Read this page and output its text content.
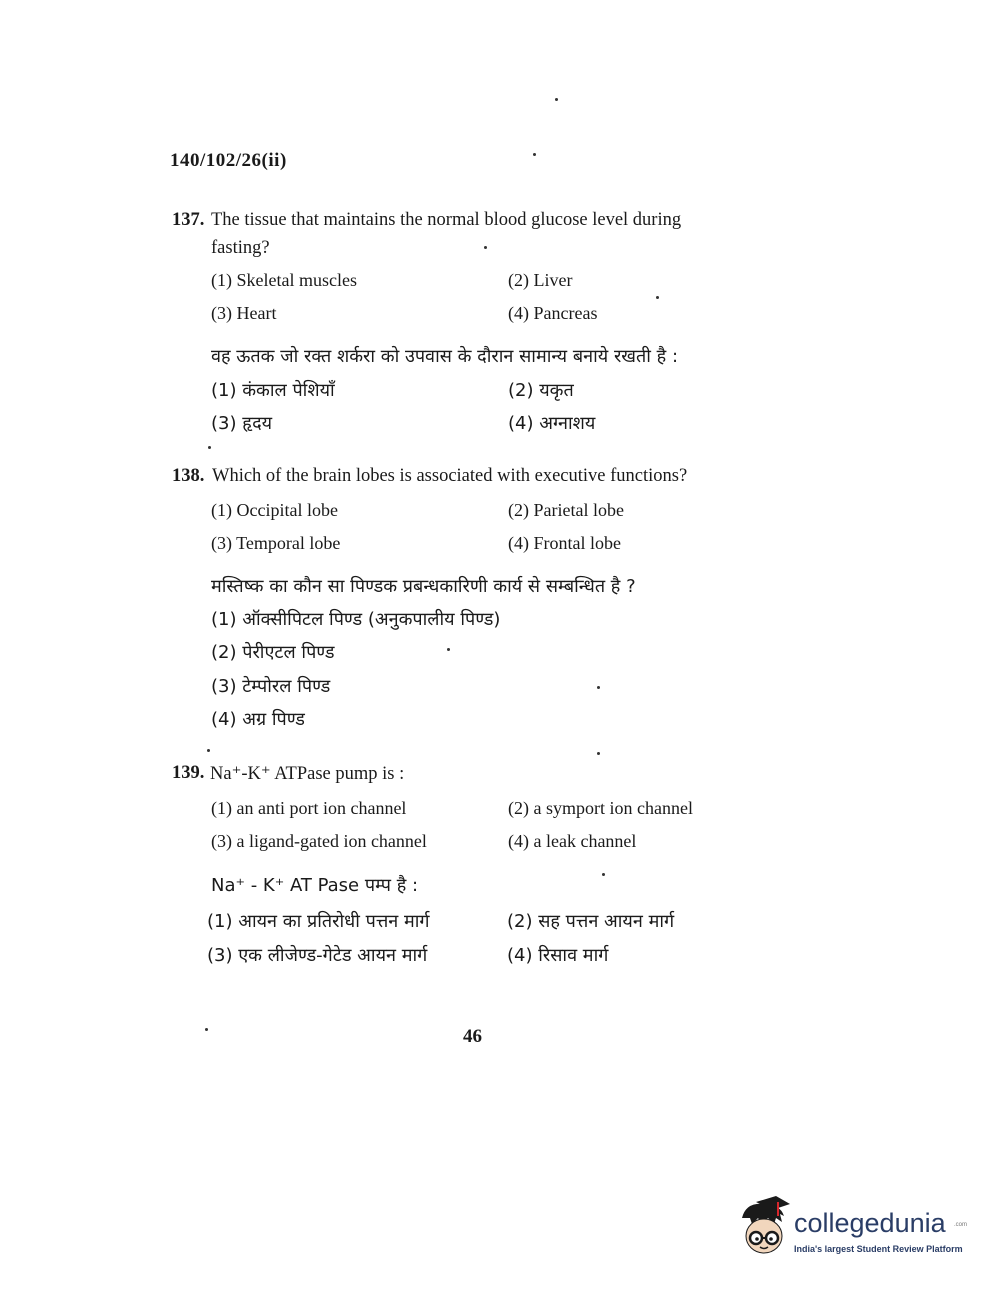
140/102/26(ii)
137. The tissue that maintains the normal blood glucose level during
fasting?
(1) Skeletal muscles	(2) Liver
(3) Heart	(4) Pancreas
वह ऊतक जो रक्त शर्करा को उपवास के दौरान सामान्य बनाये रखती है :
(1) कंकाल पेशियाँ	(2) यकृत
(3) हृदय	(4) अग्नाशय
138. Which of the brain lobes is associated with executive functions?
(1) Occipital lobe	(2) Parietal lobe
(3) Temporal lobe	(4) Frontal lobe
मस्तिष्क का कौन सा पिण्डक प्रबन्धकारिणी कार्य से सम्बन्धित है ?
(1) ऑक्सीपिटल पिण्ड (अनुकपालीय पिण्ड)
(2) पेरीएटल पिण्ड
(3) टेम्पोरल पिण्ड
(4) अग्र पिण्ड
139. Na⁺-K⁺ ATPase pump is :
(1) an anti port ion channel	(2) a symport ion channel
(3) a ligand-gated ion channel	(4) a leak channel
Na⁺ - K⁺ AT Pase पम्प है :
(1) आयन का प्रतिरोधी पत्तन मार्ग	(2) सह पत्तन आयन मार्ग
(3) एक लीजेण्ड-गेटेड आयन मार्ग	(4) रिसाव मार्ग
46
collegedunia .com
India's largest Student Review Platform
